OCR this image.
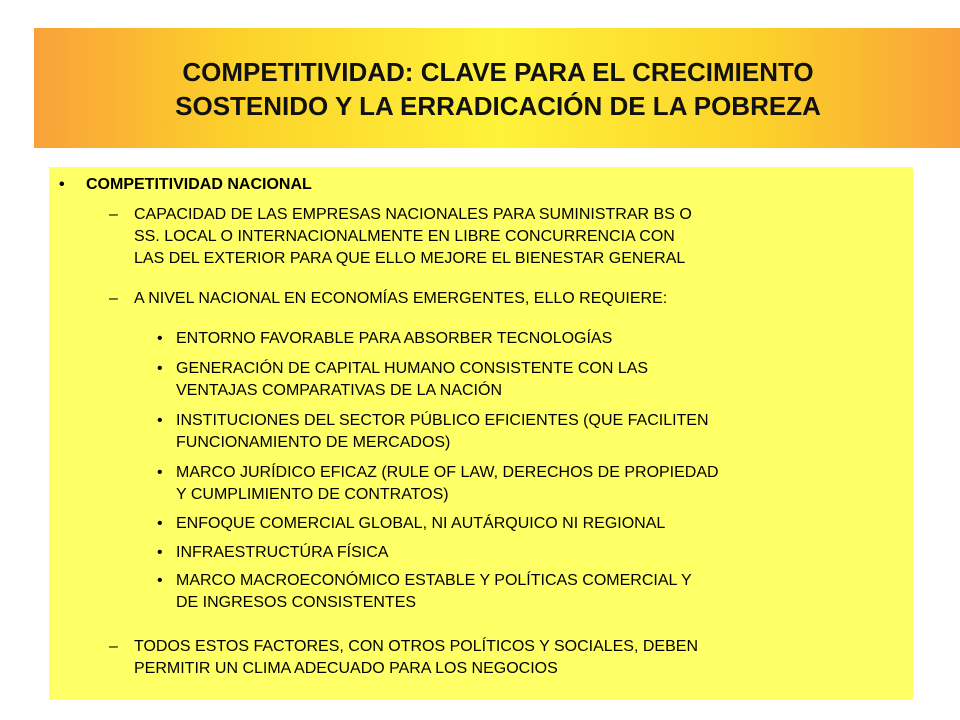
COMPETITIVIDAD: CLAVE PARA EL CRECIMIENTO
SOSTENIDO Y LA ERRADICACIÓN DE LA POBREZA
• COMPETITIVIDAD NACIONAL
– CAPACIDAD DE LAS EMPRESAS NACIONALES PARA SUMINISTRAR BS O
SS. LOCAL O INTERNACIONALMENTE EN LIBRE CONCURRENCIA CON
LAS DEL EXTERIOR PARA QUE ELLO MEJORE EL BIENESTAR GENERAL
– A NIVEL NACIONAL EN ECONOMÍAS EMERGENTES, ELLO REQUIERE:
• ENTORNO FAVORABLE PARA ABSORBER TECNOLOGÍAS
• GENERACIÓN DE CAPITAL HUMANO CONSISTENTE CON LAS
VENTAJAS COMPARATIVAS DE LA NACIÓN
• INSTITUCIONES DEL SECTOR PÚBLICO EFICIENTES (QUE FACILITEN
FUNCIONAMIENTO DE MERCADOS)
• MARCO JURÍDICO EFICAZ (RULE OF LAW, DERECHOS DE PROPIEDAD
Y CUMPLIMIENTO DE CONTRATOS)
• ENFOQUE COMERCIAL GLOBAL, NI AUTÁRQUICO NI REGIONAL
• INFRAESTRUCTÚRA FÍSICA
• MARCO MACROECONÓMICO ESTABLE Y POLÍTICAS COMERCIAL Y
DE INGRESOS CONSISTENTES
– TODOS ESTOS FACTORES, CON OTROS POLÍTICOS Y SOCIALES, DEBEN
PERMITIR UN CLIMA ADECUADO PARA LOS NEGOCIOS
